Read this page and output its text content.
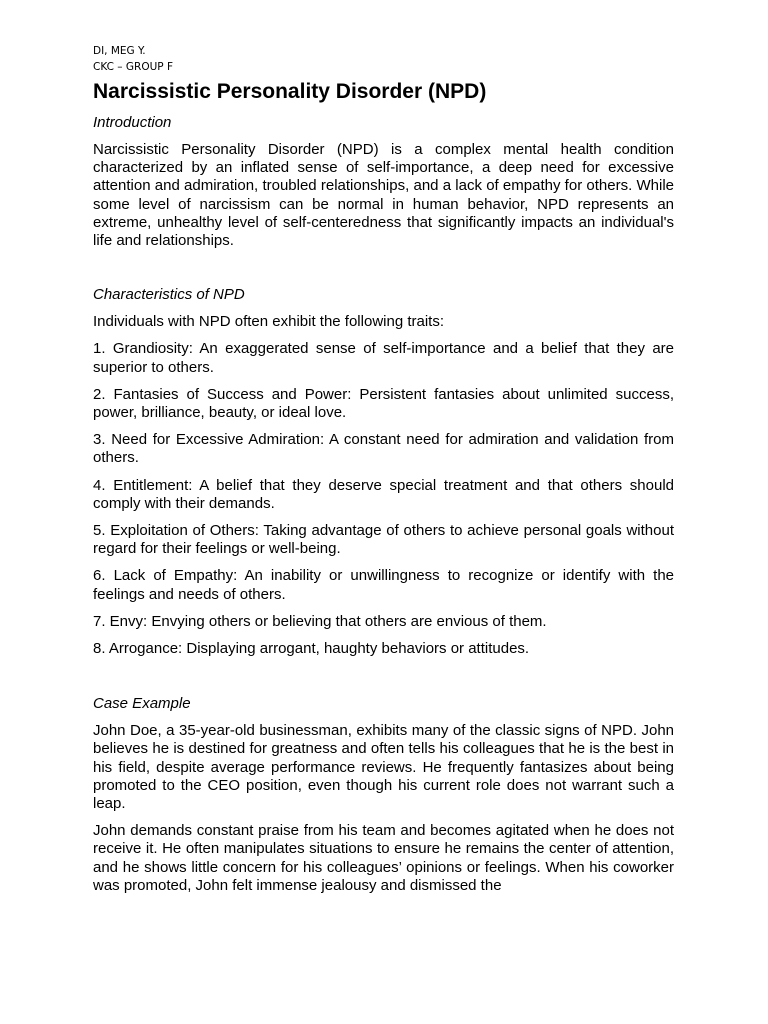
DI, MEG Y.

CKC – GROUP F

Narcissistic Personality Disorder (NPD)

Introduction

Narcissistic Personality Disorder (NPD) is a complex mental health condition characterized by an inflated sense of self-importance, a deep need for excessive attention and admiration, troubled relationships, and a lack of empathy for others. While some level of narcissism can be normal in human behavior, NPD represents an extreme, unhealthy level of self-centeredness that significantly impacts an individual's life and relationships.

Characteristics of NPD

Individuals with NPD often exhibit the following traits:

1. Grandiosity: An exaggerated sense of self-importance and a belief that they are superior to others.

2. Fantasies of Success and Power: Persistent fantasies about unlimited success, power, brilliance, beauty, or ideal love.

3. Need for Excessive Admiration: A constant need for admiration and validation from others.

4. Entitlement: A belief that they deserve special treatment and that others should comply with their demands.

5. Exploitation of Others: Taking advantage of others to achieve personal goals without regard for their feelings or well-being.

6. Lack of Empathy: An inability or unwillingness to recognize or identify with the feelings and needs of others.

7. Envy: Envying others or believing that others are envious of them.

8. Arrogance: Displaying arrogant, haughty behaviors or attitudes.

Case Example

John Doe, a 35-year-old businessman, exhibits many of the classic signs of NPD. John believes he is destined for greatness and often tells his colleagues that he is the best in his field, despite average performance reviews. He frequently fantasizes about being promoted to the CEO position, even though his current role does not warrant such a leap.

John demands constant praise from his team and becomes agitated when he does not receive it. He often manipulates situations to ensure he remains the center of attention, and he shows little concern for his colleagues’ opinions or feelings. When his coworker was promoted, John felt immense jealousy and dismissed the
